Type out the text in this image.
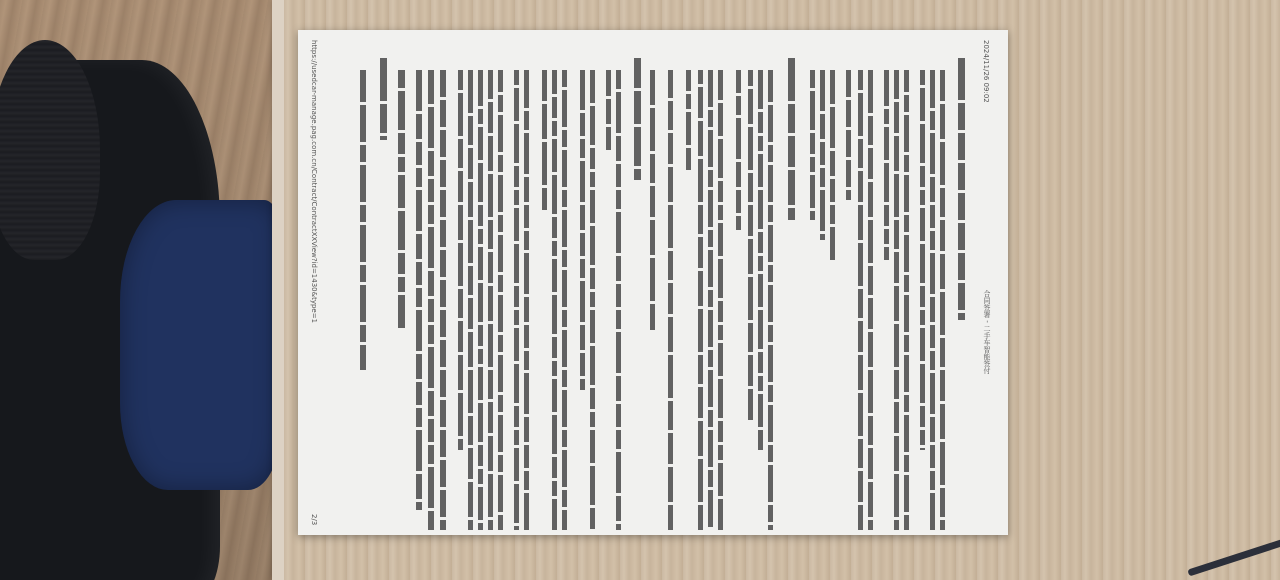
2024/11/26 09:02
合同签署 - 二手车智能签付
https://usedcar-manage.pag.com.cn/Contract/ContractXXView?id=1430&type=1
2/3
